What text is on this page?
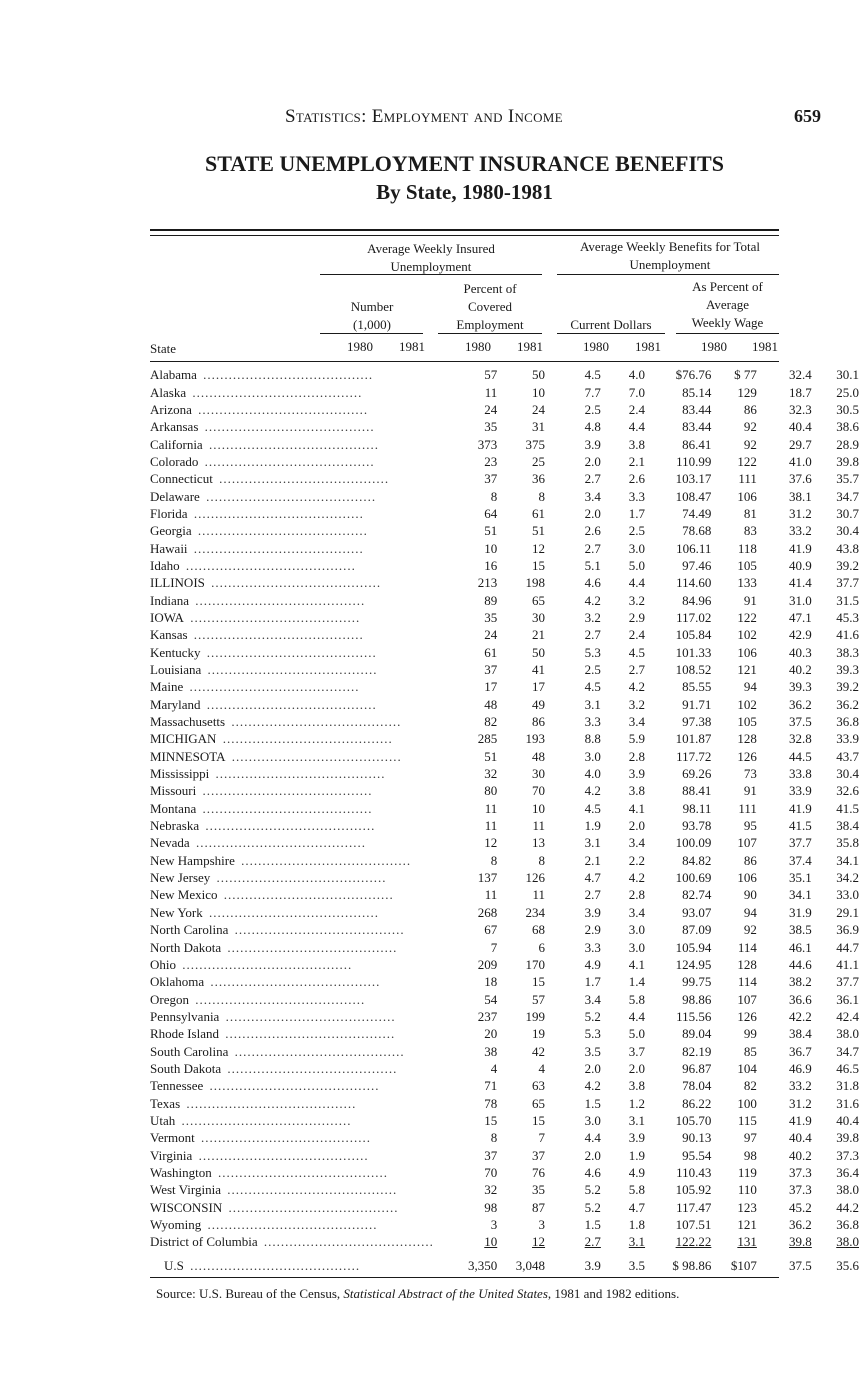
Statistics: Employment and Income	659
STATE UNEMPLOYMENT INSURANCE BENEFITS
By State, 1980-1981
Average Weekly Insured Unemployment
Average Weekly Benefits for Total Unemployment
Number
(1,000)
Percent of
Covered
Employment	Current Dollars
As Percent of
Average
Weekly Wage
State	1980	1981	1980	1981	1980	1981	1980	1981
Alabama ........................................	57	50	4.5	4.0	$76.76	$ 77	32.4	30.1
Alaska ........................................	11	10	7.7	7.0	85.14	129	18.7	25.0
Arizona ........................................	24	24	2.5	2.4	83.44	86	32.3	30.5
Arkansas ........................................	35	31	4.8	4.4	83.44	92	40.4	38.6
California ........................................	373	375	3.9	3.8	86.41	92	29.7	28.9
Colorado ........................................	23	25	2.0	2.1	110.99	122	41.0	39.8
Connecticut ........................................	37	36	2.7	2.6	103.17	111	37.6	35.7
Delaware ........................................	8	8	3.4	3.3	108.47	106	38.1	34.7
Florida ........................................	64	61	2.0	1.7	74.49	81	31.2	30.7
Georgia ........................................	51	51	2.6	2.5	78.68	83	33.2	30.4
Hawaii ........................................	10	12	2.7	3.0	106.11	118	41.9	43.8
Idaho ........................................	16	15	5.1	5.0	97.46	105	40.9	39.2
ILLINOIS ........................................	213	198	4.6	4.4	114.60	133	41.4	37.7
Indiana ........................................	89	65	4.2	3.2	84.96	91	31.0	31.5
IOWA ........................................	35	30	3.2	2.9	117.02	122	47.1	45.3
Kansas ........................................	24	21	2.7	2.4	105.84	102	42.9	41.6
Kentucky ........................................	61	50	5.3	4.5	101.33	106	40.3	38.3
Louisiana ........................................	37	41	2.5	2.7	108.52	121	40.2	39.3
Maine ........................................	17	17	4.5	4.2	85.55	94	39.3	39.2
Maryland ........................................	48	49	3.1	3.2	91.71	102	36.2	36.2
Massachusetts ........................................	82	86	3.3	3.4	97.38	105	37.5	36.8
MICHIGAN ........................................	285	193	8.8	5.9	101.87	128	32.8	33.9
MINNESOTA ........................................	51	48	3.0	2.8	117.72	126	44.5	43.7
Mississippi ........................................	32	30	4.0	3.9	69.26	73	33.8	30.4
Missouri ........................................	80	70	4.2	3.8	88.41	91	33.9	32.6
Montana ........................................	11	10	4.5	4.1	98.11	111	41.9	41.5
Nebraska ........................................	11	11	1.9	2.0	93.78	95	41.5	38.4
Nevada ........................................	12	13	3.1	3.4	100.09	107	37.7	35.8
New Hampshire ........................................	8	8	2.1	2.2	84.82	86	37.4	34.1
New Jersey ........................................	137	126	4.7	4.2	100.69	106	35.1	34.2
New Mexico ........................................	11	11	2.7	2.8	82.74	90	34.1	33.0
New York ........................................	268	234	3.9	3.4	93.07	94	31.9	29.1
North Carolina ........................................	67	68	2.9	3.0	87.09	92	38.5	36.9
North Dakota ........................................	7	6	3.3	3.0	105.94	114	46.1	44.7
Ohio ........................................	209	170	4.9	4.1	124.95	128	44.6	41.1
Oklahoma ........................................	18	15	1.7	1.4	99.75	114	38.2	37.7
Oregon ........................................	54	57	3.4	5.8	98.86	107	36.6	36.1
Pennsylvania ........................................	237	199	5.2	4.4	115.56	126	42.2	42.4
Rhode Island ........................................	20	19	5.3	5.0	89.04	99	38.4	38.0
South Carolina ........................................	38	42	3.5	3.7	82.19	85	36.7	34.7
South Dakota ........................................	4	4	2.0	2.0	96.87	104	46.9	46.5
Tennessee ........................................	71	63	4.2	3.8	78.04	82	33.2	31.8
Texas ........................................	78	65	1.5	1.2	86.22	100	31.2	31.6
Utah ........................................	15	15	3.0	3.1	105.70	115	41.9	40.4
Vermont ........................................	8	7	4.4	3.9	90.13	97	40.4	39.8
Virginia ........................................	37	37	2.0	1.9	95.54	98	40.2	37.3
Washington ........................................	70	76	4.6	4.9	110.43	119	37.3	36.4
West Virginia ........................................	32	35	5.2	5.8	105.92	110	37.3	38.0
WISCONSIN ........................................	98	87	5.2	4.7	117.47	123	45.2	44.2
Wyoming ........................................	3	3	1.5	1.8	107.51	121	36.2	36.8
District of Columbia ........................................	10	12	2.7	3.1	122.22	131	39.8	38.0
U.S ........................................	3,350	3,048	3.9	3.5	$ 98.86	$107	37.5	35.6
Source: U.S. Bureau of the Census, Statistical Abstract of the United States, 1981 and 1982 editions.
